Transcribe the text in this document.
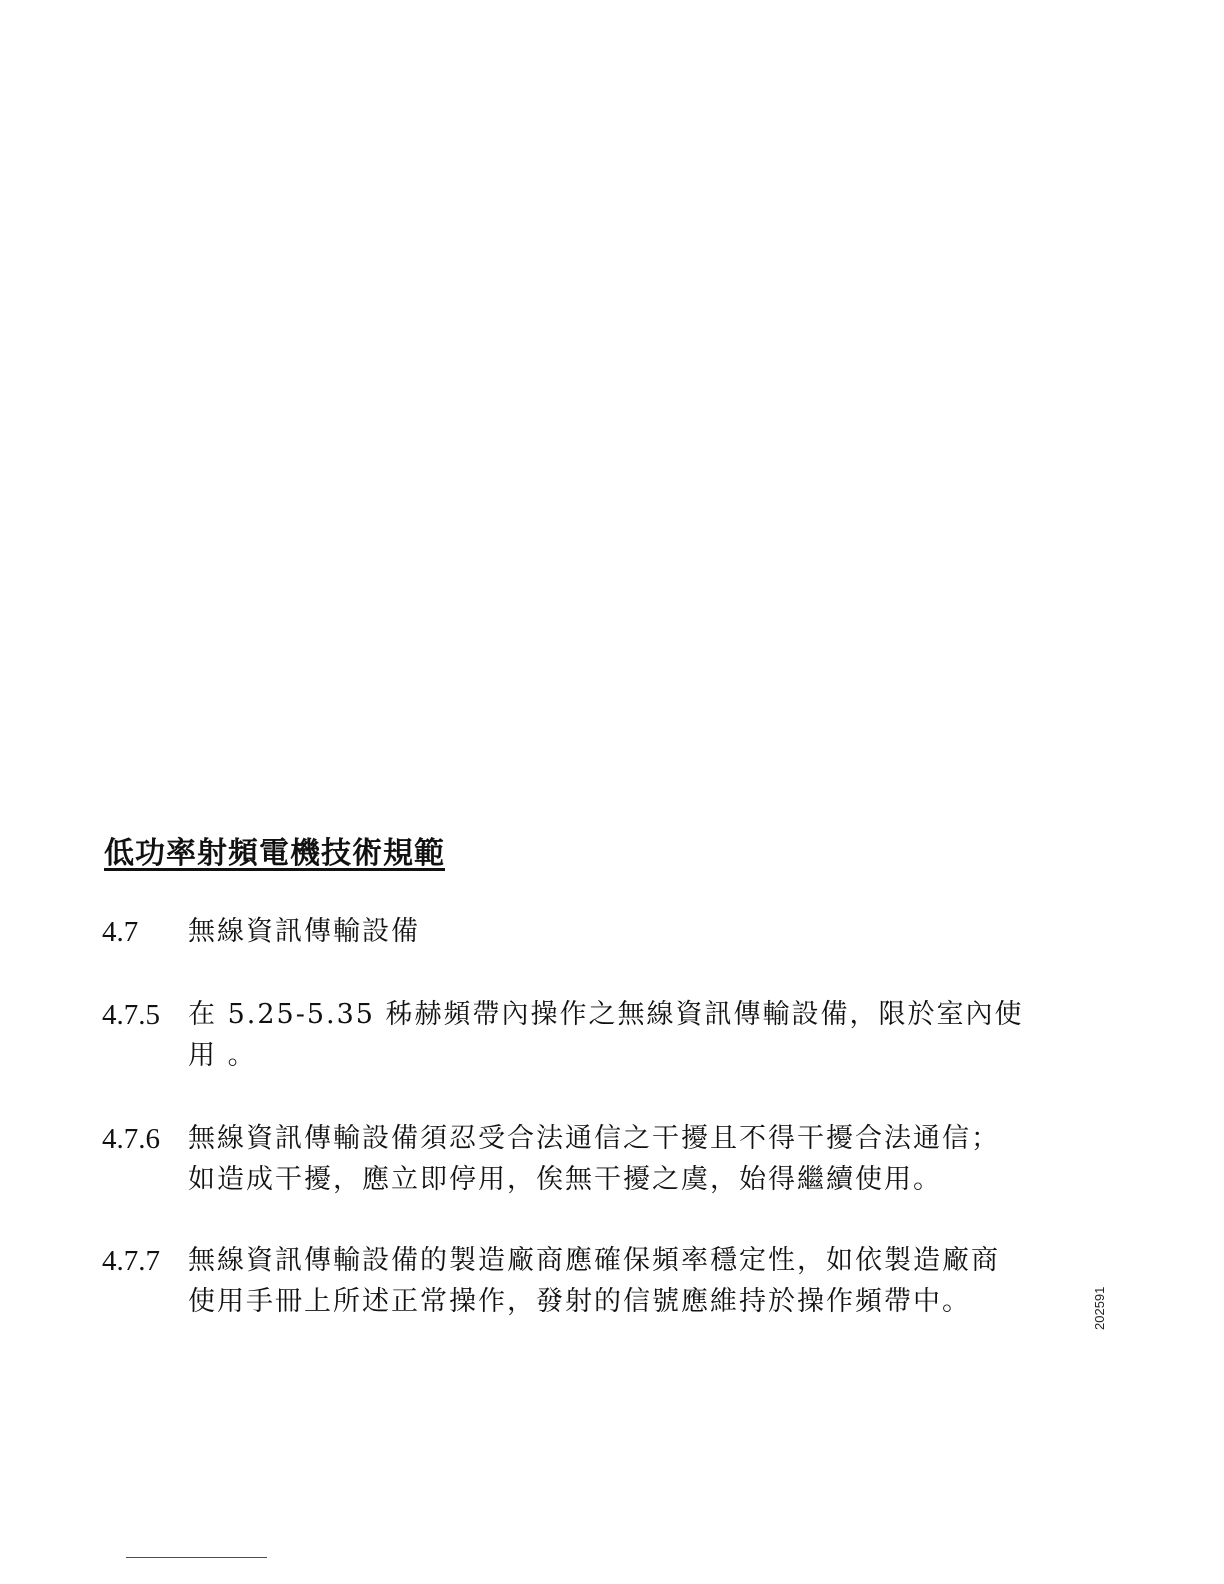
低功率射頻電機技術規範
4.7 無線資訊傳輸設備
4.7.5 在 5.25-5.35 秭赫頻帶內操作之無線資訊傳輸設備，限於室內使
用 。
4.7.6 無線資訊傳輸設備須忍受合法通信之干擾且不得干擾合法通信；
如造成干擾，應立即停用，俟無干擾之虞，始得繼續使用。
4.7.7 無線資訊傳輸設備的製造廠商應確保頻率穩定性，如依製造廠商
使用手冊上所述正常操作，發射的信號應維持於操作頻帶中。	202591
